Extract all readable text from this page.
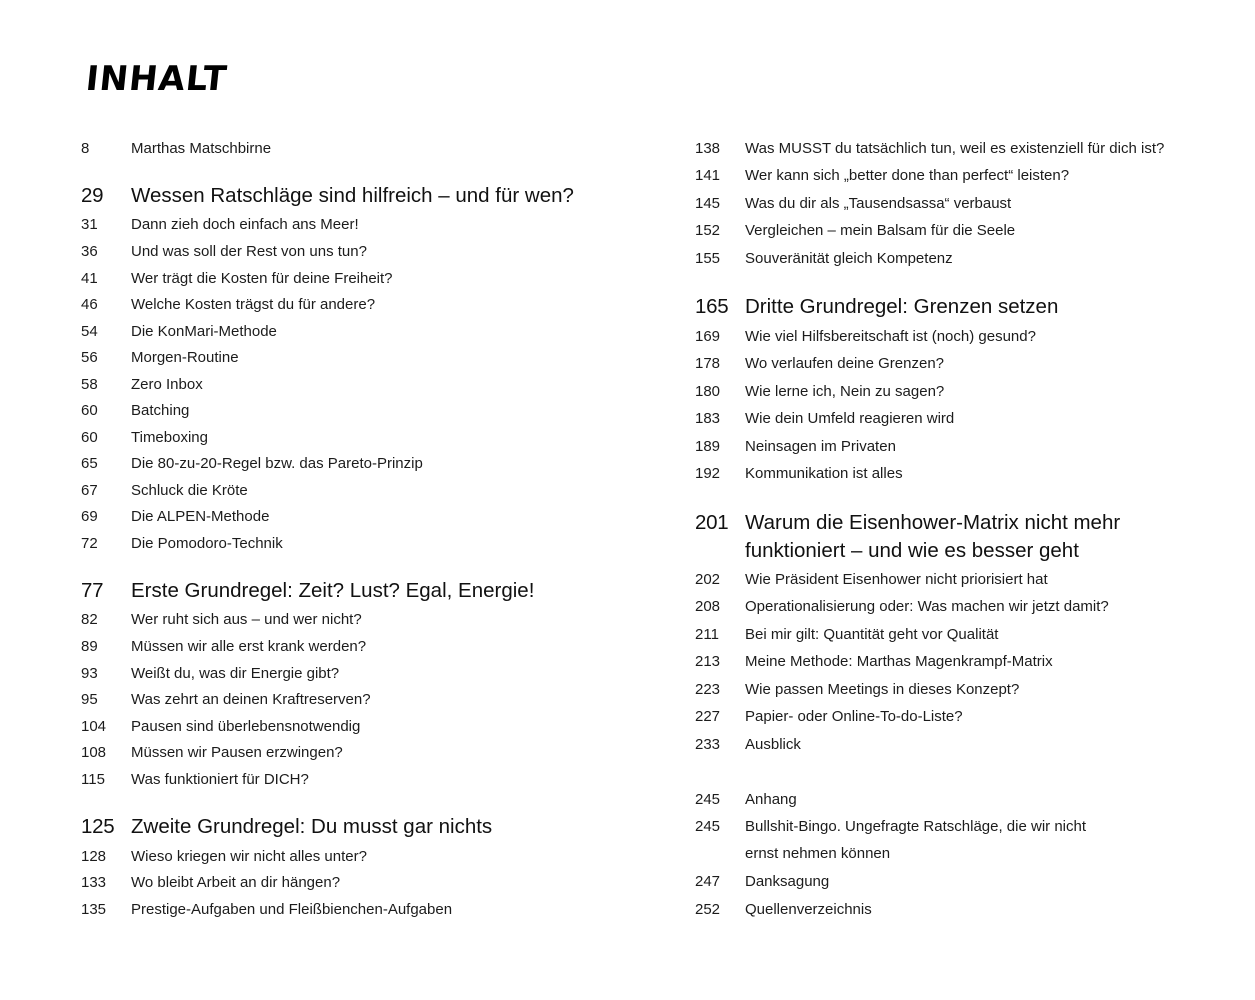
INHALT
8	Marthas Matschbirne
29	Wessen Ratschläge sind hilfreich – und für wen?
31	Dann zieh doch einfach ans Meer!
36	Und was soll der Rest von uns tun?
41	Wer trägt die Kosten für deine Freiheit?
46	Welche Kosten trägst du für andere?
54	Die KonMari-Methode
56	Morgen-Routine
58	Zero Inbox
60	Batching
60	Timeboxing
65	Die 80-zu-20-Regel bzw. das Pareto-Prinzip
67	Schluck die Kröte
69	Die ALPEN-Methode
72	Die Pomodoro-Technik
77	Erste Grundregel: Zeit? Lust? Egal, Energie!
82	Wer ruht sich aus – und wer nicht?
89	Müssen wir alle erst krank werden?
93	Weißt du, was dir Energie gibt?
95	Was zehrt an deinen Kraftreserven?
104	Pausen sind überlebensnotwendig
108	Müssen wir Pausen erzwingen?
115	Was funktioniert für DICH?
125 Zweite Grundregel: Du musst gar nichts
128	Wieso kriegen wir nicht alles unter?
133	Wo bleibt Arbeit an dir hängen?
135	Prestige-Aufgaben und Fleißbienchen-Aufgaben
138	Was MUSST du tatsächlich tun, weil es existenziell für dich ist?
141	Wer kann sich „better done than perfect“ leisten?
145	Was du dir als „Tausendsassa“ verbaust
152	Vergleichen – mein Balsam für die Seele
155	Souveränität gleich Kompetenz
165 Dritte Grundregel: Grenzen setzen
169	Wie viel Hilfsbereitschaft ist (noch) gesund?
178	Wo verlaufen deine Grenzen?
180	Wie lerne ich, Nein zu sagen?
183	Wie dein Umfeld reagieren wird
189	Neinsagen im Privaten
192	Kommunikation ist alles
201 Warum die Eisenhower-Matrix nicht mehr funktioniert – und wie es besser geht
202	Wie Präsident Eisenhower nicht priorisiert hat
208	Operationalisierung oder: Was machen wir jetzt damit?
211	Bei mir gilt: Quantität geht vor Qualität
213	Meine Methode: Marthas Magenkrampf-Matrix
223	Wie passen Meetings in dieses Konzept?
227	Papier- oder Online-To-do-Liste?
233	Ausblick
245	Anhang
245	Bullshit-Bingo. Ungefragte Ratschläge, die wir nicht ernst nehmen können
247	Danksagung
252	Quellenverzeichnis
